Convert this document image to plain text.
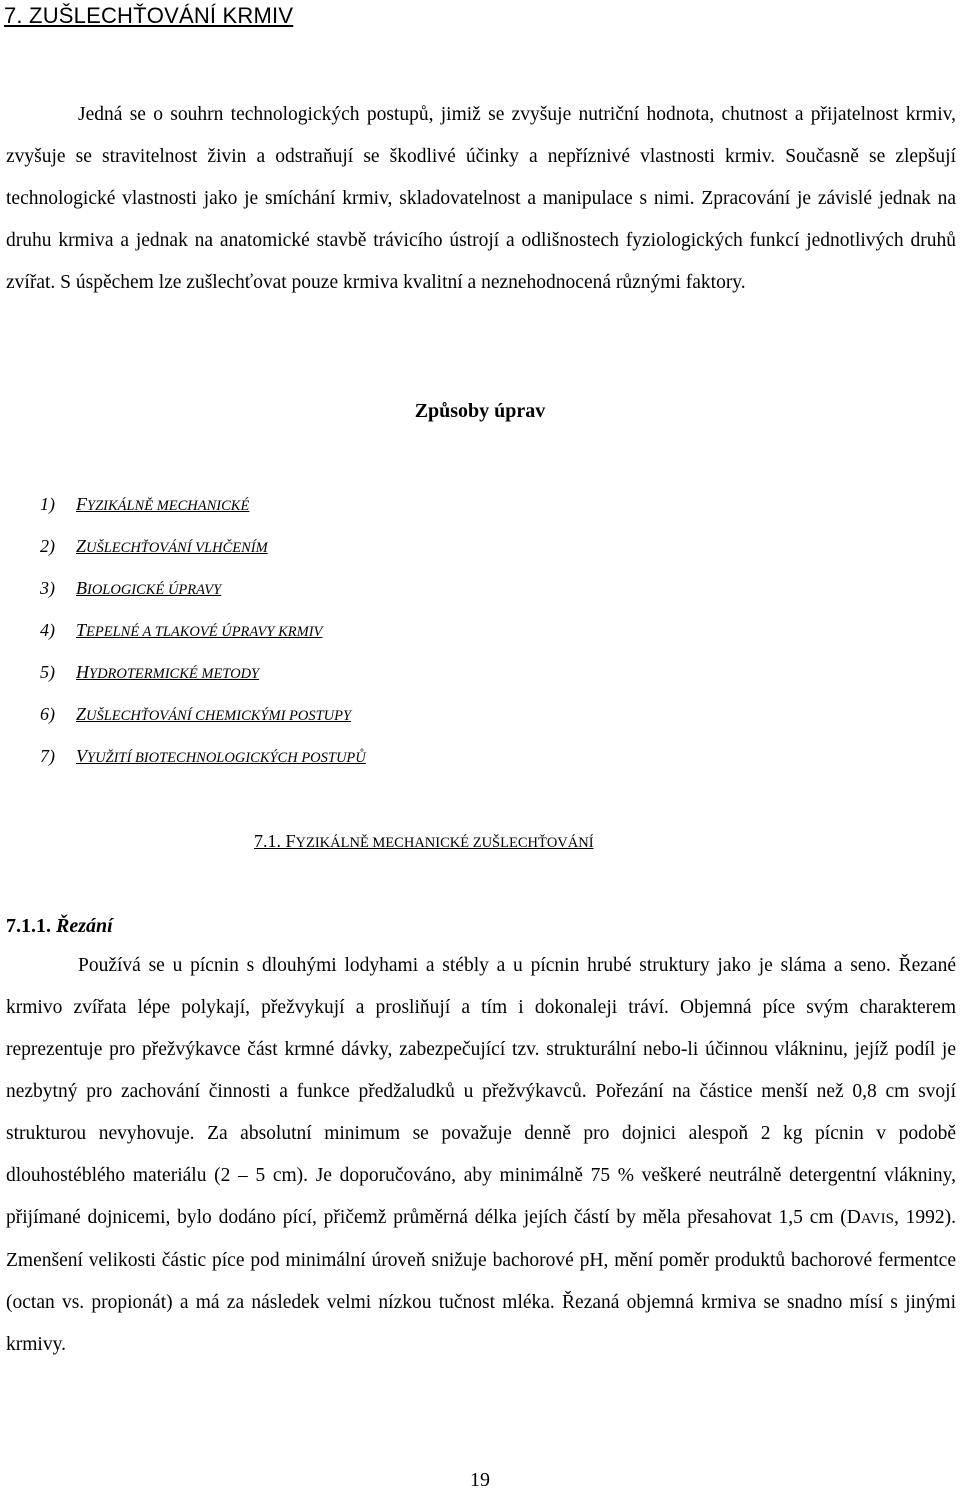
7. ZUŠLECHŤOVÁNÍ KRMIV

Jedná se o souhrn technologických postupů, jimiž se zvyšuje nutriční hodnota, chutnost a přijatelnost krmiv, zvyšuje se stravitelnost živin a odstraňují se škodlivé účinky a nepříznivé vlastnosti krmiv. Současně se zlepšují technologické vlastnosti jako je smíchání krmiv, skladovatelnost a manipulace s nimi. Zpracování je závislé jednak na druhu krmiva a jednak na anatomické stavbě trávicího ústrojí a odlišnostech fyziologických funkcí jednotlivých druhů zvířat. S úspěchem lze zušlechťovat pouze krmiva kvalitní a neznehodnocená různými faktory.

Způsoby úprav
1) FYZIKÁLNĚ MECHANICKÉ
2) ZUŠLECHŤOVÁNÍ VLHČENÍM
3) BIOLOGICKÉ ÚPRAVY
4) TEPELNÉ A TLAKOVÉ ÚPRAVY KRMIV
5) HYDROTERMICKÉ METODY
6) ZUŠLECHŤOVÁNÍ CHEMICKÝMI POSTUPY
7) VYUŽITÍ BIOTECHNOLOGICKÝCH POSTUPŮ
7.1. FYZIKÁLNĚ MECHANICKÉ ZUŠLECHŤOVÁNÍ
7.1.1. Řezání

Používá se u pícnin s dlouhými lodyhami a stébly a u pícnin hrubé struktury jako je sláma a seno. Řezané krmivo zvířata lépe polykají, přežvykují a prosliňují a tím i dokonaleji tráví. Objemná píce svým charakterem reprezentuje pro přežvýkavce část krmné dávky, zabezpečující tzv. strukturální nebo-li účinnou vlákninu, jejíž podíl je nezbytný pro zachování činnosti a funkce předžaludků u přežvýkavců. Pořezání na částice menší než 0,8 cm svojí strukturou nevyhovuje. Za absolutní minimum se považuje denně pro dojnici alespoň 2 kg pícnin v podobě dlouhostéblého materiálu (2 – 5 cm). Je doporučováno, aby minimálně 75 % veškeré neutrálně detergentní vlákniny, přijímané dojnicemi, bylo dodáno pící, přičemž průměrná délka jejích částí by měla přesahovat 1,5 cm (DAVIS, 1992). Zmenšení velikosti částic píce pod minimální úroveň snižuje bachorové pH, mění poměr produktů bachorové fermentce (octan vs. propionát) a má za následek velmi nízkou tučnost mléka. Řezaná objemná krmiva se snadno mísí s jinými krmivy.

19
